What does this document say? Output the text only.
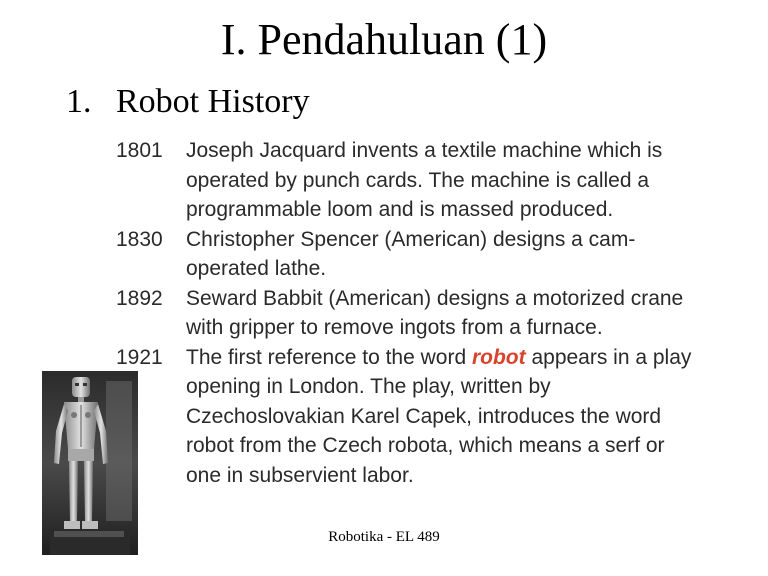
I. Pendahuluan (1)
1. Robot History
1801	Joseph Jacquard invents a textile machine which is
operated by punch cards. The machine is called a
programmable loom and is massed produced.
1830	Christopher Spencer (American) designs a cam-
operated lathe.
1892	Seward Babbit (American) designs a motorized crane
with gripper to remove ingots from a furnace.
1921	The first reference to the word robot appears in a play
opening in London. The play, written by
Czechoslovakian Karel Capek, introduces the word
robot from the Czech robota, which means a serf or
one in subservient labor.
Robotika - EL 489
